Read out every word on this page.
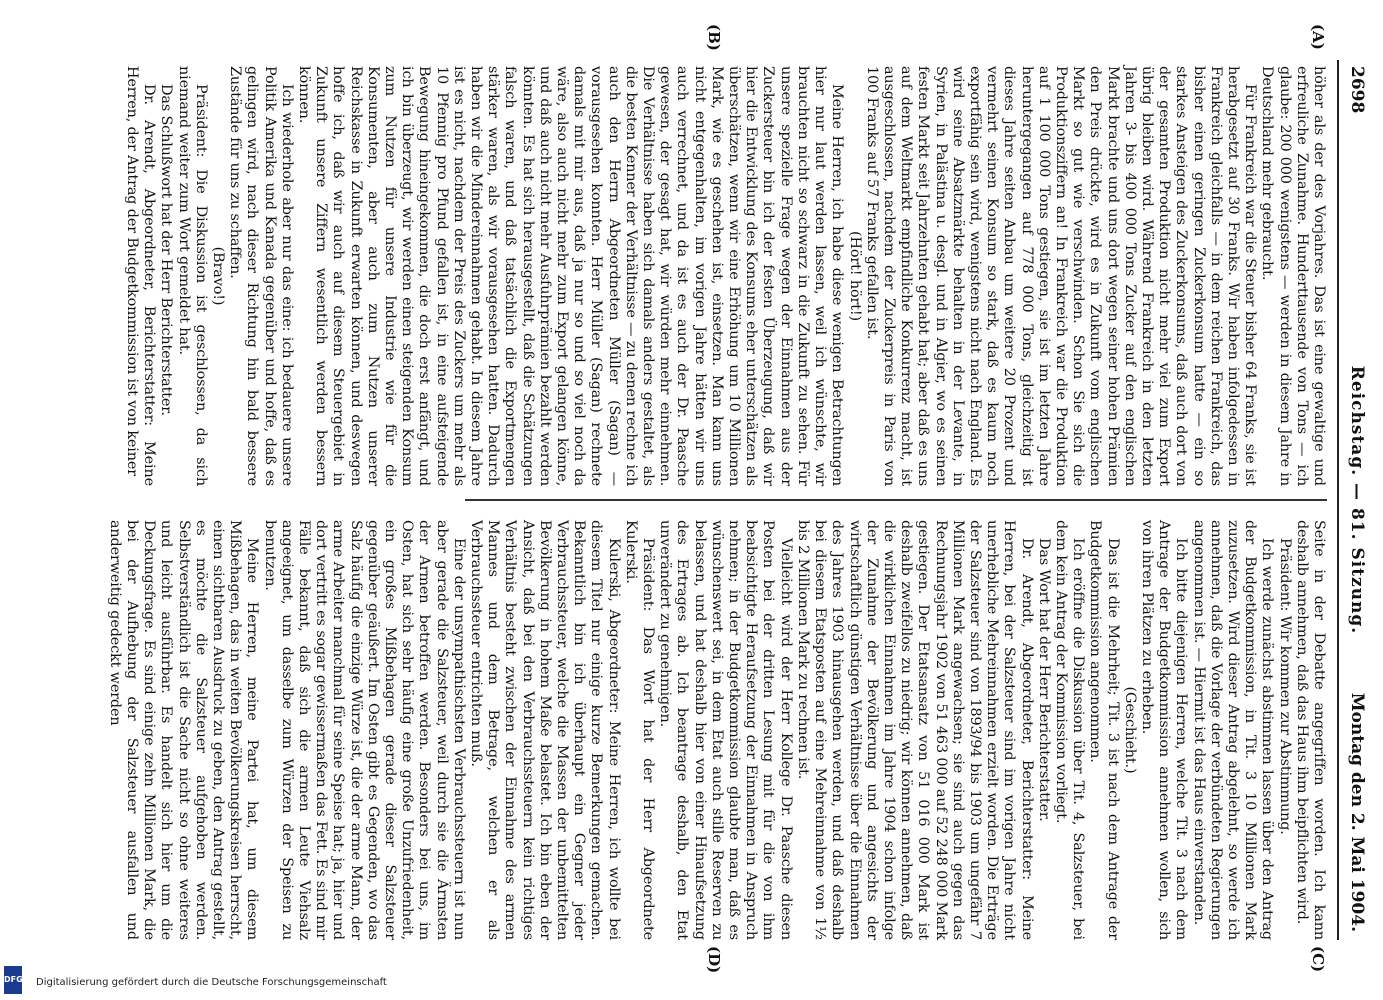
2698
Reichstag. — 81. Sitzung.
Montag den 2. Mai 1904.
(A)
(B)
(C)
(D)

höher als der des Vorjahres. Das ist eine gewaltige und erfreuliche Zunahme. Hunderttausende von Tons — ich glaube: 200 000 wenigstens — werden in diesem Jahre in Deutschland mehr gebraucht.

Für Frankreich war die Steuer bisher 64 Franks, sie ist herabgesetzt auf 30 Franks. Wir haben infolgedessen in Frankreich gleichfalls — in dem reichen Frankreich, das bisher einen geringen Zuckerkonsum hatte — ein so starkes Ansteigen des Zuckerkonsums, daß auch dort von der gesamten Produktion nicht mehr viel zum Export übrig bleiben wird. Während Frankreich in den letzten Jahren 3- bis 400 000 Tons Zucker auf den englischen Markt brachte und uns dort wegen seiner hohen Prämien den Preis drückte, wird es in Zukunft vom englischen Markt so gut wie verschwinden. Schon Sie sich die Produktionsziffern an! In Frankreich war die Produktion auf 1 100 000 Tons gestiegen, sie ist im letzten Jahre heruntergegangen auf 778 000 Tons, gleichzeitig ist dieses Jahre seiten Anbau um weitere 20 Prozent und vermehrt seinen Konsum so stark, daß es kaum noch exportfähig sein wird, wenigstens nicht nach England. Es wird seine Absatzmärkte behalten in der Levante, in Syrien, in Palästina u. desgl. und in Algier, wo es seinen festen Markt seit Jahrzehnten gehabt hat; aber daß es uns auf dem Weltmarkt empfindliche Konkurrenz macht, ist ausgeschlossen, nachdem der Zuckerpreis in Paris von 100 Franks auf 57 Franks gefallen ist.

(Hört! hört!)

Meine Herren, ich habe diese wenigen Betrachtungen hier nur laut werden lassen, weil ich wünschte, wir brauchten nicht so schwarz in die Zukunft zu sehen. Für unsere spezielle Frage wegen der Einnahmen aus der Zuckersteuer bin ich der festen Überzeugung, daß wir hier die Entwicklung des Konsums eher unterschätzen als überschätzen, wenn wir eine Erhöhung um 10 Millionen Mark, wie es geschehen ist, einsetzen. Man kann uns nicht entgegenhalten, im vorigen Jahre hätten wir uns auch verrechnet, und da ist es auch der Dr. Paasche gewesen, der gesagt hat, wir würden mehr einnehmen. Die Verhältnisse haben sich damals anders gestaltet, als die besten Kenner der Verhältnisse — zu denen rechne ich auch den Herrn Abgeordneten Müller (Sagan) — vorausgesehen konnten. Herr Müller (Sagan) rechnete damals mit mir aus, daß ja nur so und so viel noch da wäre, also auch nicht mehr zum Export gelangen könne, und daß auch nicht mehr Ausfuhrprämien bezahlt werden könnten. Es hat sich herausgestellt, daß die Schätzungen falsch waren, und daß tatsächlich die Exportmengen stärker waren, als wir vorausgesehen hatten. Dadurch haben wir die Mindereinnahmen gehabt. In diesem Jahre ist es nicht, nachdem der Preis des Zuckers um mehr als 10 Pfennig pro Pfund gefallen ist, in eine aufsteigende Bewegung hineingekommen, die doch erst anfängt, und ich bin überzeugt, wir werden einen steigenden Konsum zum Nutzen für unsere Industrie wie für die Konsumenten, aber auch zum Nutzen unserer Reichskasse in Zukunft erwarten können, und deswegen hoffe ich, daß wir auch auf diesem Steuergebiet in Zukunft unsere Ziffern wesentlich werden bessern können.

Ich wiederhole aber nur das eine: ich bedauere unsere Politik Amerika und Kanada gegenüber und hoffe, daß es gelingen wird, nach dieser Richtung hin bald bessere Zustände für uns zu schaffen.

(Bravo!)

Präsident: Die Diskussion ist geschlossen, da sich niemand weiter zum Wort gemeldet hat.

Das Schlußwort hat der Herr Berichterstatter.

Dr. Arendt, Abgeordneter, Berichterstatter: Meine Herren, der Antrag der Budgetkommission ist von keiner

Seite in der Debatte angegriffen worden. Ich kann deshalb annehmen, daß das Haus ihm beipflichten wird.

Präsident: Wir kommen zur Abstimmung.

Ich werde zunächst abstimmen lassen über den Antrag der Budgetkommission, in Tit. 3 10 Millionen Mark zuzusetzen. Wird dieser Antrag abgelehnt, so werde ich annehmen, daß die Vorlage der verbündeten Regierungen angenommen ist. — Hiermit ist das Haus einverstanden.

Ich bitte diejenigen Herren, welche Tit. 3 nach dem Antrage der Budgetkommission annehmen wollen, sich von ihren Plätzen zu erheben.

(Geschieht.)

Das ist die Mehrheit; Tit. 3 ist nach dem Antrage der Budgetkommission angenommen.

Ich eröffne die Diskussion über Tit. 4, Salzsteuer, bei dem kein Antrag der Kommission vorliegt.

Das Wort hat der Herr Berichterstatter.

Dr. Arendt, Abgeordneter, Berichterstatter: Meine Herren, bei der Salzsteuer sind im vorigen Jahre nicht unerhebliche Mehreinnahmen erzielt worden. Die Erträge der Salzsteuer sind von 1893/94 bis 1903 um ungefähr 7 Millionen Mark angewachsen; sie sind auch gegen das Rechnungsjahr 1902 von 51 463 000 auf 52 248 000 Mark gestiegen. Der Etatsansatz von 51 016 000 Mark ist deshalb zweifellos zu niedrig; wir können annehmen, daß die wirklichen Einnahmen im Jahre 1904 schon infolge der Zunahme der Bevölkerung und angesichts der wirtschaftlich günstigen Verhältnisse über die Einnahmen des Jahres 1903 hinausgehen werden, und daß deshalb bei diesem Etatsposten auf eine Mehreinnahme von 1½ bis 2 Millionen Mark zu rechnen ist.

Vielleicht wird der Herr Kollege Dr. Paasche diesen Posten bei der dritten Lesung mit für die von ihm beabsichtigte Heraufsetzung der Einnahmen in Anspruch nehmen; in der Budgetkommission glaubte man, daß es wünschenswert sei, in dem Etat auch stille Reserven zu belassen, und hat deshalb hier von einer Hinaufsetzung des Ertrages ab. Ich beantrage deshalb, den Etat unverändert zu genehmigen.

Präsident: Das Wort hat der Herr Abgeordnete Kulerski.

Kulerski, Abgeordneter: Meine Herren, ich wollte bei diesem Titel nur einige kurze Bemerkungen gemachen. Bekanntlich bin ich überhaupt ein Gegner jeder Verbrauchssteuer, welche die Massen der unbemittelten Bevölkerung in hohem Maße belastet. Ich bin eben der Ansicht, daß bei den Verbrauchssteuern kein richtiges Verhältnis besteht zwischen der Einnahme des armen Mannes und dem Betrage, welchen er als Verbrauchssteuer entrichten muß.

Eine der unsympathischsten Verbrauchssteuern ist nun aber gerade die Salzsteuer, weil durch sie die Ärmsten der Armen betroffen werden. Besonders bei uns, im Osten, hat sich sehr häufig eine große Unzufriedenheit, ein großes Mißbehagen gerade dieser Salzsteuer gegenüber geäußert. Im Osten gibt es Gegenden, wo das Salz häufig die einzige Würze ist, die der arme Mann, der arme Arbeiter manchmal für seine Speise hat; ja, hier und dort vertritt es sogar gewissermaßen das Fett. Es sind mir Fälle bekannt, daß sich die armen Leute Viehsalz angeeignet, um dasselbe zum Würzen der Speisen zu benutzen.

Meine Herren, meine Partei hat, um diesem Mißbehagen, das in weiten Bevölkerungskreisen herrscht, einen sichtbaren Ausdruck zu geben, den Antrag gestellt, es möchte die Salzsteuer aufgehoben werden. Selbstverständlich ist die Sache nicht so ohne weiteres und leicht ausführbar. Es handelt sich hier um die Deckungsfrage. Es sind einige zehn Millionen Mark, die bei der Aufhebung der Salzsteuer ausfallen und anderweitig gedeckt werden

Digitalisierung gefördert durch die Deutsche Forschungsgemeinschaft
DFG
